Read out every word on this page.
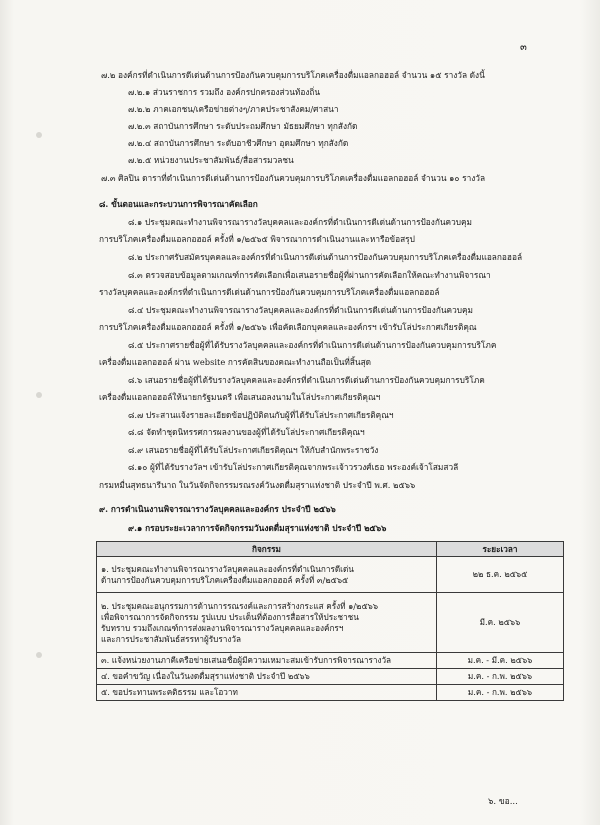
๓
๗.๒ องค์กรที่ดำเนินการดีเด่นด้านการป้องกันควบคุมการบริโภคเครื่องดื่มแอลกอฮอล์ จำนวน ๑๕ รางวัล ดังนี้
๗.๒.๑ ส่วนราชการ รวมถึง องค์กรปกครองส่วนท้องถิ่น
๗.๒.๒ ภาคเอกชน/เครือข่ายต่างๆ/ภาคประชาสังคม/ศาสนา
๗.๒.๓ สถาบันการศึกษา ระดับประถมศึกษา มัธยมศึกษา ทุกสังกัด
๗.๒.๔ สถาบันการศึกษา ระดับอาชีวศึกษา อุดมศึกษา ทุกสังกัด
๗.๒.๕ หน่วยงานประชาสัมพันธ์/สื่อสารมวลชน
๗.๓ ศิลปิน ดาราที่ดำเนินการดีเด่นด้านการป้องกันควบคุมการบริโภคเครื่องดื่มแอลกอฮอล์ จำนวน ๑๐ รางวัล
๘. ขั้นตอนและกระบวนการพิจารณาคัดเลือก
๘.๑ ประชุมคณะทำงานพิจารณารางวัลบุคคลและองค์กรที่ดำเนินการดีเด่นด้านการป้องกันควบคุม
การบริโภคเครื่องดื่มแอลกอฮอล์ ครั้งที่ ๑/๒๕๖๕ พิจารณาการดำเนินงานและหารือข้อสรุป
๘.๒ ประกาศรับสมัครบุคคลและองค์กรที่ดำเนินการดีเด่นด้านการป้องกันควบคุมการบริโภคเครื่องดื่มแอลกอฮอล์
๘.๓ ตรวจสอบข้อมูลตามเกณฑ์การคัดเลือกเพื่อเสนอรายชื่อผู้ที่ผ่านการคัดเลือกให้คณะทำงานพิจารณา
รางวัลบุคคลและองค์กรที่ดำเนินการดีเด่นด้านการป้องกันควบคุมการบริโภคเครื่องดื่มแอลกอฮอล์
๘.๔ ประชุมคณะทำงานพิจารณารางวัลบุคคลและองค์กรที่ดำเนินการดีเด่นด้านการป้องกันควบคุม
การบริโภคเครื่องดื่มแอลกอฮอล์ ครั้งที่ ๑/๒๕๖๖ เพื่อคัดเลือกบุคคลและองค์กรฯ เข้ารับโล่ประกาศเกียรติคุณ
๘.๕ ประกาศรายชื่อผู้ที่ได้รับรางวัลบุคคลและองค์กรที่ดำเนินการดีเด่นด้านการป้องกันควบคุมการบริโภค
เครื่องดื่มแอลกอฮอล์ ผ่าน website การคัดสินของคณะทำงานถือเป็นที่สิ้นสุด
๘.๖ เสนอรายชื่อผู้ที่ได้รับรางวัลบุคคลและองค์กรที่ดำเนินการดีเด่นด้านการป้องกันควบคุมการบริโภค
เครื่องดื่มแอลกอฮอล์ให้นายกรัฐมนตรี เพื่อเสนอลงนามในโล่ประกาศเกียรติคุณฯ
๘.๗ ประสานแจ้งรายละเอียดข้อปฏิบัติตนกับผู้ที่ได้รับโล่ประกาศเกียรติคุณฯ
๘.๘ จัดทำชุดนิทรรศการผลงานของผู้ที่ได้รับโล่ประกาศเกียรติคุณฯ
๘.๙ เสนอรายชื่อผู้ที่ได้รับโล่ประกาศเกียรติคุณฯ ให้กับสำนักพระราชวัง
๘.๑๐ ผู้ที่ได้รับรางวัลฯ เข้ารับโล่ประกาศเกียรติคุณจากพระเจ้าวรวงศ์เธอ พระองค์เจ้าโสมสวลี
กรมหมื่นสุทธนารีนาถ ในวันจัดกิจกรรมรณรงค์วันงดดื่มสุราแห่งชาติ ประจำปี พ.ศ. ๒๕๖๖
๙. การดำเนินงานพิจารณารางวัลบุคคลและองค์กร ประจำปี ๒๕๖๖
๙.๑ กรอบระยะเวลาการจัดกิจกรรมวันงดดื่มสุราแห่งชาติ ประจำปี ๒๕๖๖
กิจกรรม	ระยะเวลา

๑. ประชุมคณะทำงานพิจารณารางวัลบุคคลและองค์กรที่ดำเนินการดีเด่น
ด้านการป้องกันควบคุมการบริโภคเครื่องดื่มแอลกอฮอล์ ครั้งที่ ๓/๒๕๖๕	๒๒ ธ.ค. ๒๕๖๕

๒. ประชุมคณะอนุกรรมการด้านการรณรงค์และการสร้างกระแส ครั้งที่ ๑/๒๕๖๖
เพื่อพิจารณาการจัดกิจกรรม รูปแบบ ประเด็นที่ต้องการสื่อสารให้ประชาชน
รับทราบ รวมถึงเกณฑ์การส่งผลงานพิจารณารางวัลบุคคลและองค์กรฯ
และการประชาสัมพันธ์สรรหาผู้รับรางวัล	มี.ค. ๒๕๖๖

๓. แจ้งหน่วยงานภาคีเครือข่ายเสนอชื่อผู้มีความเหมาะสมเข้ารับการพิจารณารางวัล	ม.ค. - มี.ค. ๒๕๖๖

๔. ขอคำขวัญ เนื่องในวันงดดื่มสุราแห่งชาติ ประจำปี ๒๕๖๖	ม.ค. - ก.พ. ๒๕๖๖

๕. ขอประทานพระคติธรรม และโอวาท	ม.ค. - ก.พ. ๒๕๖๖
๖. ขอ...
